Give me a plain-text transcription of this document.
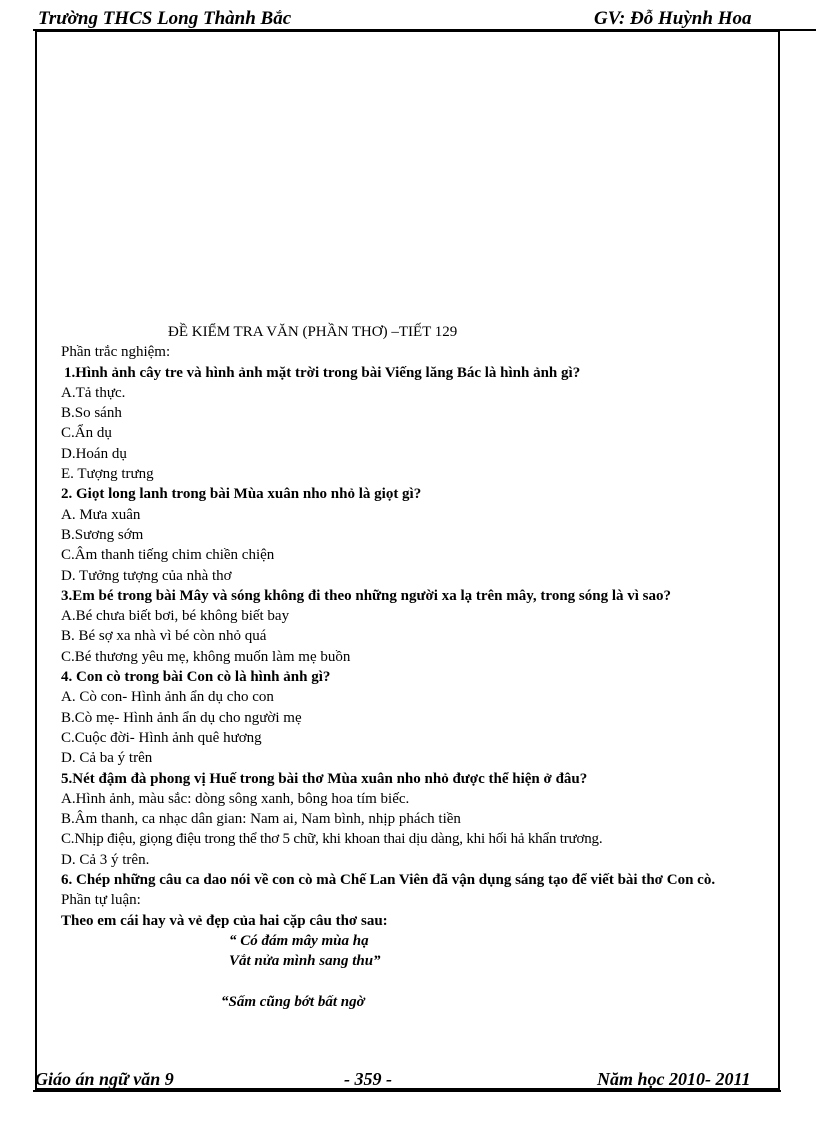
Trường THCS Long Thành Bắc	GV: Đỗ Huỳnh Hoa
ĐỀ KIỂM TRA VĂN (PHẦN THƠ) –TIẾT 129
Phần trắc nghiệm:
1.Hình ảnh cây tre và hình ảnh mặt trời trong bài Viếng lăng Bác là hình ảnh gì?
A.Tả thực.
B.So sánh
C.Ẩn dụ
D.Hoán dụ
E. Tượng trưng
2. Giọt long lanh trong bài Mùa xuân nho nhỏ là giọt gì?
A. Mưa xuân
B.Sương sớm
C.Âm thanh tiếng chim chiền chiện
D. Tưởng tượng của nhà thơ
3.Em bé trong bài Mây và sóng không đi theo những người xa lạ trên mây, trong sóng là vì sao?
A.Bé chưa biết bơi, bé không biết bay
B. Bé sợ xa nhà vì bé còn nhỏ quá
C.Bé thương yêu mẹ, không muốn làm mẹ buồn
4. Con cò trong bài Con cò là hình ảnh gì?
A. Cò con- Hình ảnh ẩn dụ cho con
B.Cò mẹ- Hình ảnh ẩn dụ cho người mẹ
C.Cuộc đời- Hình ảnh quê hương
D. Cả ba ý trên
5.Nét đậm đà phong vị Huế trong bài thơ Mùa xuân nho nhỏ được thể hiện ở đâu?
A.Hình ảnh, màu sắc: dòng sông xanh, bông hoa tím biếc.
B.Âm thanh, ca nhạc dân gian: Nam ai, Nam bình, nhịp phách tiền
C.Nhịp điệu, giọng điệu trong thể thơ 5 chữ, khi khoan thai dịu dàng, khi hối hả khẩn trương.
D. Cả 3 ý trên.
6. Chép những câu ca dao nói về con cò mà Chế Lan Viên đã vận dụng sáng tạo để viết bài thơ Con cò.
Phần tự luận:
Theo em cái hay và vẻ đẹp của hai cặp câu thơ sau:
“ Có đám mây mùa hạ
Vắt nửa mình sang thu”
“Sấm cũng bớt bất ngờ
Giáo án ngữ văn 9	- 359 -	Năm học 2010- 2011
